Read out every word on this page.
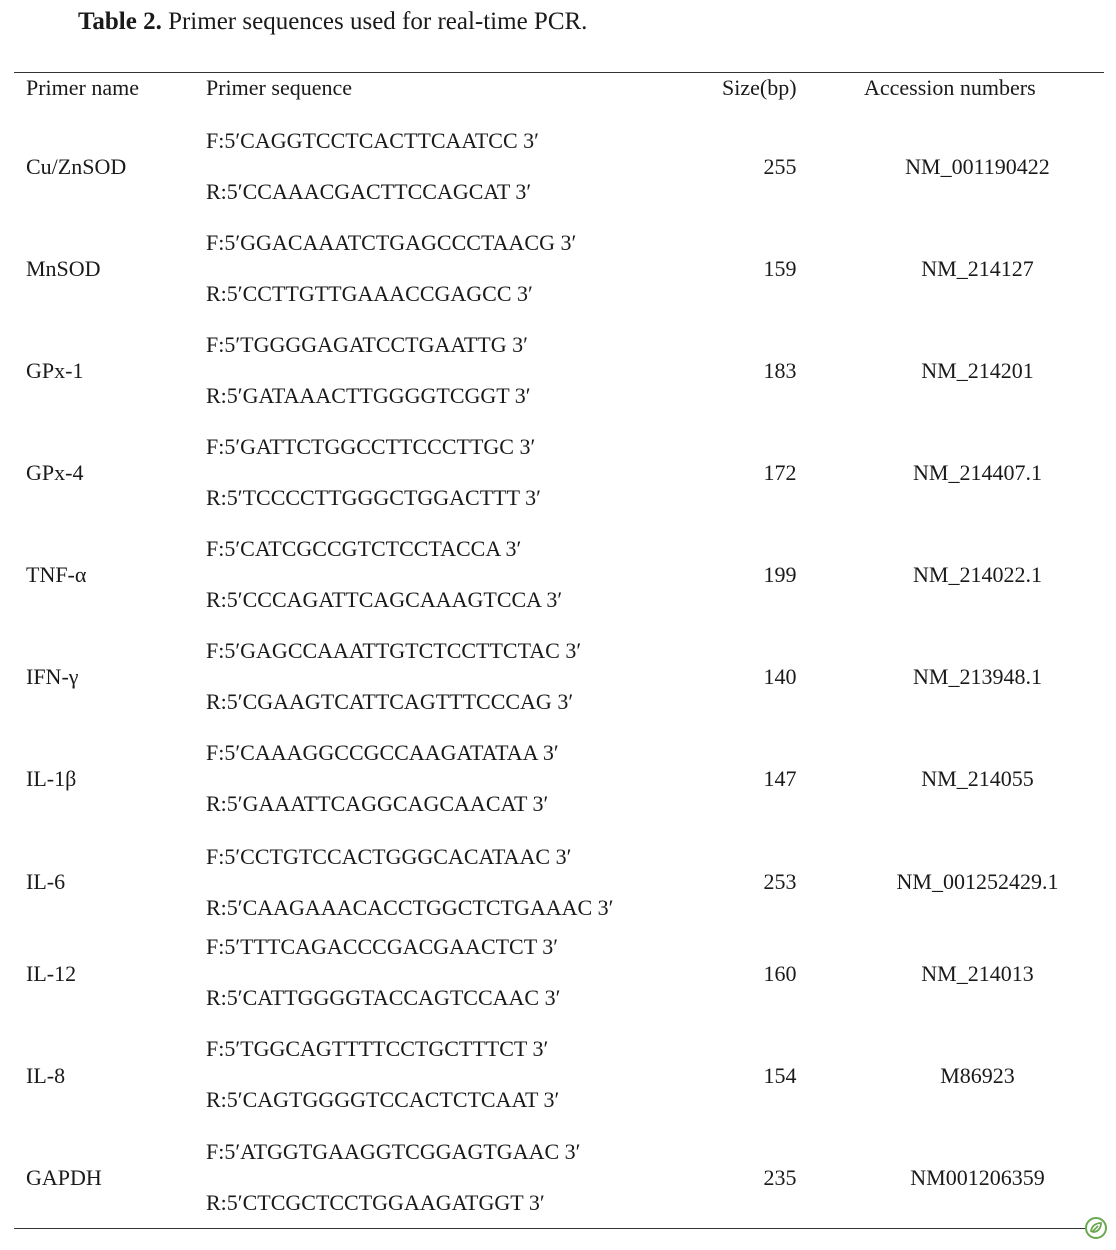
Table 2. Primer sequences used for real-time PCR.
Primer name	Primer sequence	Size(bp)	Accession numbers
Cu/ZnSOD
F:5′CAGGTCCTCACTTCAATCC 3′
R:5′CCAAACGACTTCCAGCAT 3′
255	NM_001190422
MnSOD
F:5′GGACAAATCTGAGCCCTAACG 3′
R:5′CCTTGTTGAAACCGAGCC 3′
159	NM_214127
GPx-1
F:5′TGGGGAGATCCTGAATTG 3′
R:5′GATAAACTTGGGGTCGGT 3′
183	NM_214201
GPx-4
F:5′GATTCTGGCCTTCCCTTGC 3′
R:5′TCCCCTTGGGCTGGACTTT 3′
172	NM_214407.1
TNF-α
F:5′CATCGCCGTCTCCTACCA 3′
R:5′CCCAGATTCAGCAAAGTCCA 3′
199	NM_214022.1
IFN-γ
F:5′GAGCCAAATTGTCTCCTTCTAC 3′
R:5′CGAAGTCATTCAGTTTCCCAG 3′
140	NM_213948.1
IL-1β
F:5′CAAAGGCCGCCAAGATATAA 3′
R:5′GAAATTCAGGCAGCAACAT 3′
147	NM_214055
IL-6
F:5′CCTGTCCACTGGGCACATAAC 3′
R:5′CAAGAAACACCTGGCTCTGAAAC 3′
253	NM_001252429.1
IL-12
F:5′TTTCAGACCCGACGAACTCT 3′
R:5′CATTGGGGTACCAGTCCAAC 3′
160	NM_214013
IL-8
F:5′TGGCAGTTTTCCTGCTTTCT 3′
R:5′CAGTGGGGTCCACTCTCAAT 3′
154	M86923
GAPDH
F:5′ATGGTGAAGGTCGGAGTGAAC 3′
R:5′CTCGCTCCTGGAAGATGGT 3′
235	NM001206359
